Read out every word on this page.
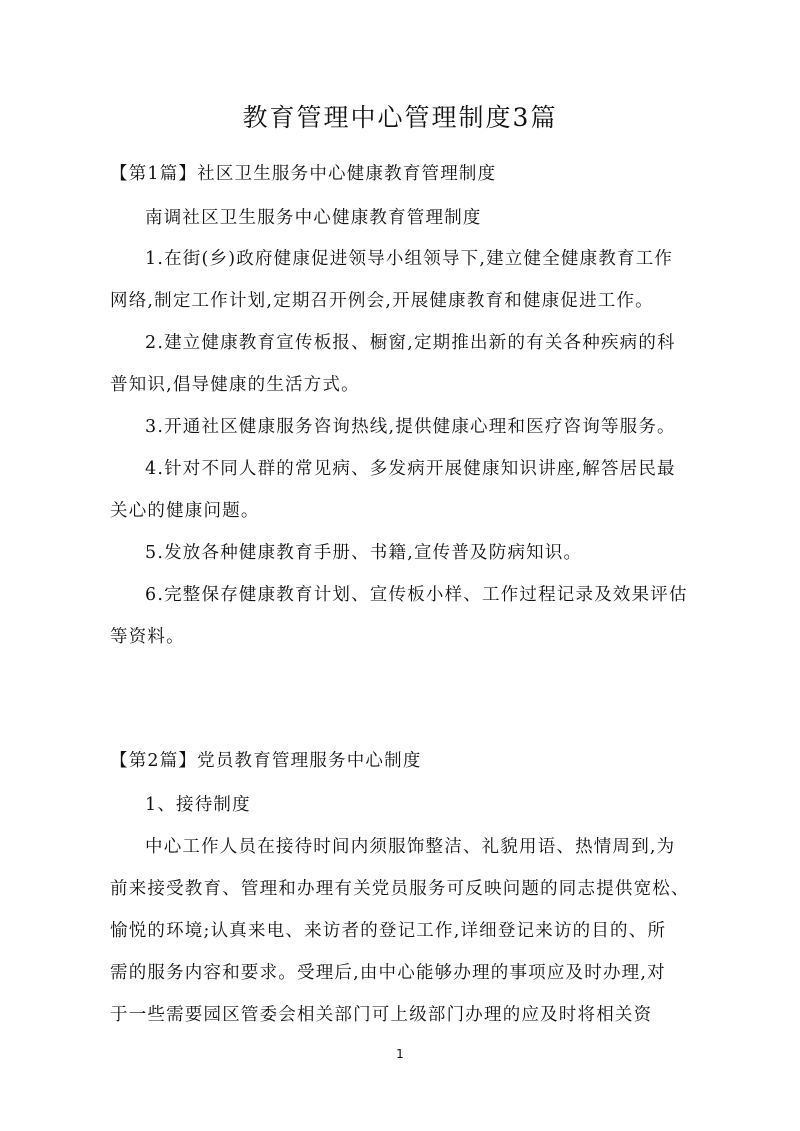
教育管理中心管理制度3篇
【第1篇】社区卫生服务中心健康教育管理制度
南调社区卫生服务中心健康教育管理制度
1.在街(乡)政府健康促进领导小组领导下,建立健全健康教育工作
网络,制定工作计划,定期召开例会,开展健康教育和健康促进工作。
2.建立健康教育宣传板报、橱窗,定期推出新的有关各种疾病的科
普知识,倡导健康的生活方式。
3.开通社区健康服务咨询热线,提供健康心理和医疗咨询等服务。
4.针对不同人群的常见病、多发病开展健康知识讲座,解答居民最
关心的健康问题。
5.发放各种健康教育手册、书籍,宣传普及防病知识。
6.完整保存健康教育计划、宣传板小样、工作过程记录及效果评估
等资料。
【第2篇】党员教育管理服务中心制度
1、接待制度
中心工作人员在接待时间内须服饰整洁、礼貌用语、热情周到,为
前来接受教育、管理和办理有关党员服务可反映问题的同志提供宽松、
愉悦的环境;认真来电、来访者的登记工作,详细登记来访的目的、所
需的服务内容和要求。受理后,由中心能够办理的事项应及时办理,对
于一些需要园区管委会相关部门可上级部门办理的应及时将相关资
1
